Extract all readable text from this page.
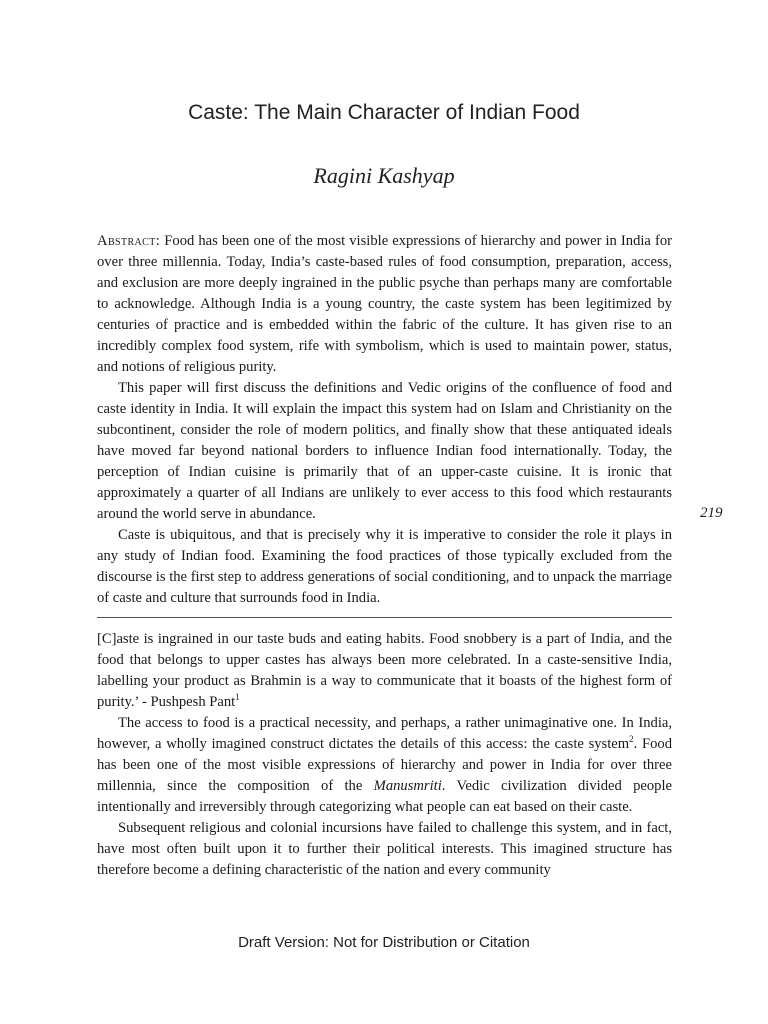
Caste: The Main Character of Indian Food
Ragini Kashyap

Abstract: Food has been one of the most visible expressions of hierarchy and power in India for over three millennia. Today, India’s caste-based rules of food consumption, preparation, access, and exclusion are more deeply ingrained in the public psyche than perhaps many are comfortable to acknowledge. Although India is a young country, the caste system has been legitimized by centuries of practice and is embedded within the fabric of the culture. It has given rise to an incredibly complex food system, rife with symbolism, which is used to maintain power, status, and notions of religious purity.

This paper will first discuss the definitions and Vedic origins of the confluence of food and caste identity in India. It will explain the impact this system had on Islam and Christianity on the subcontinent, consider the role of modern politics, and finally show that these antiquated ideals have moved far beyond national borders to influence Indian food internationally. Today, the perception of Indian cuisine is primarily that of an upper-caste cuisine. It is ironic that approximately a quarter of all Indians are unlikely to ever access to this food which restaurants around the world serve in abundance.

Caste is ubiquitous, and that is precisely why it is imperative to consider the role it plays in any study of Indian food. Examining the food practices of those typically excluded from the discourse is the first step to address generations of social conditioning, and to unpack the marriage of caste and culture that surrounds food in India.

219

[C]aste is ingrained in our taste buds and eating habits. Food snobbery is a part of India, and the food that belongs to upper castes has always been more celebrated. In a caste-sensitive India, labelling your product as Brahmin is a way to communicate that it boasts of the highest form of purity.’ - Pushpesh Pant$^1$

The access to food is a practical necessity, and perhaps, a rather unimaginative one. In India, however, a wholly imagined construct dictates the details of this access: the caste system$^2$. Food has been one of the most visible expressions of hierarchy and power in India for over three millennia, since the composition of the Manusmriti. Vedic civilization divided people intentionally and irreversibly through categorizing what people can eat based on their caste.

Subsequent religious and colonial incursions have failed to challenge this system, and in fact, have most often built upon it to further their political interests. This imagined structure has therefore become a defining characteristic of the nation and every community

Draft Version: Not for Distribution or Citation
